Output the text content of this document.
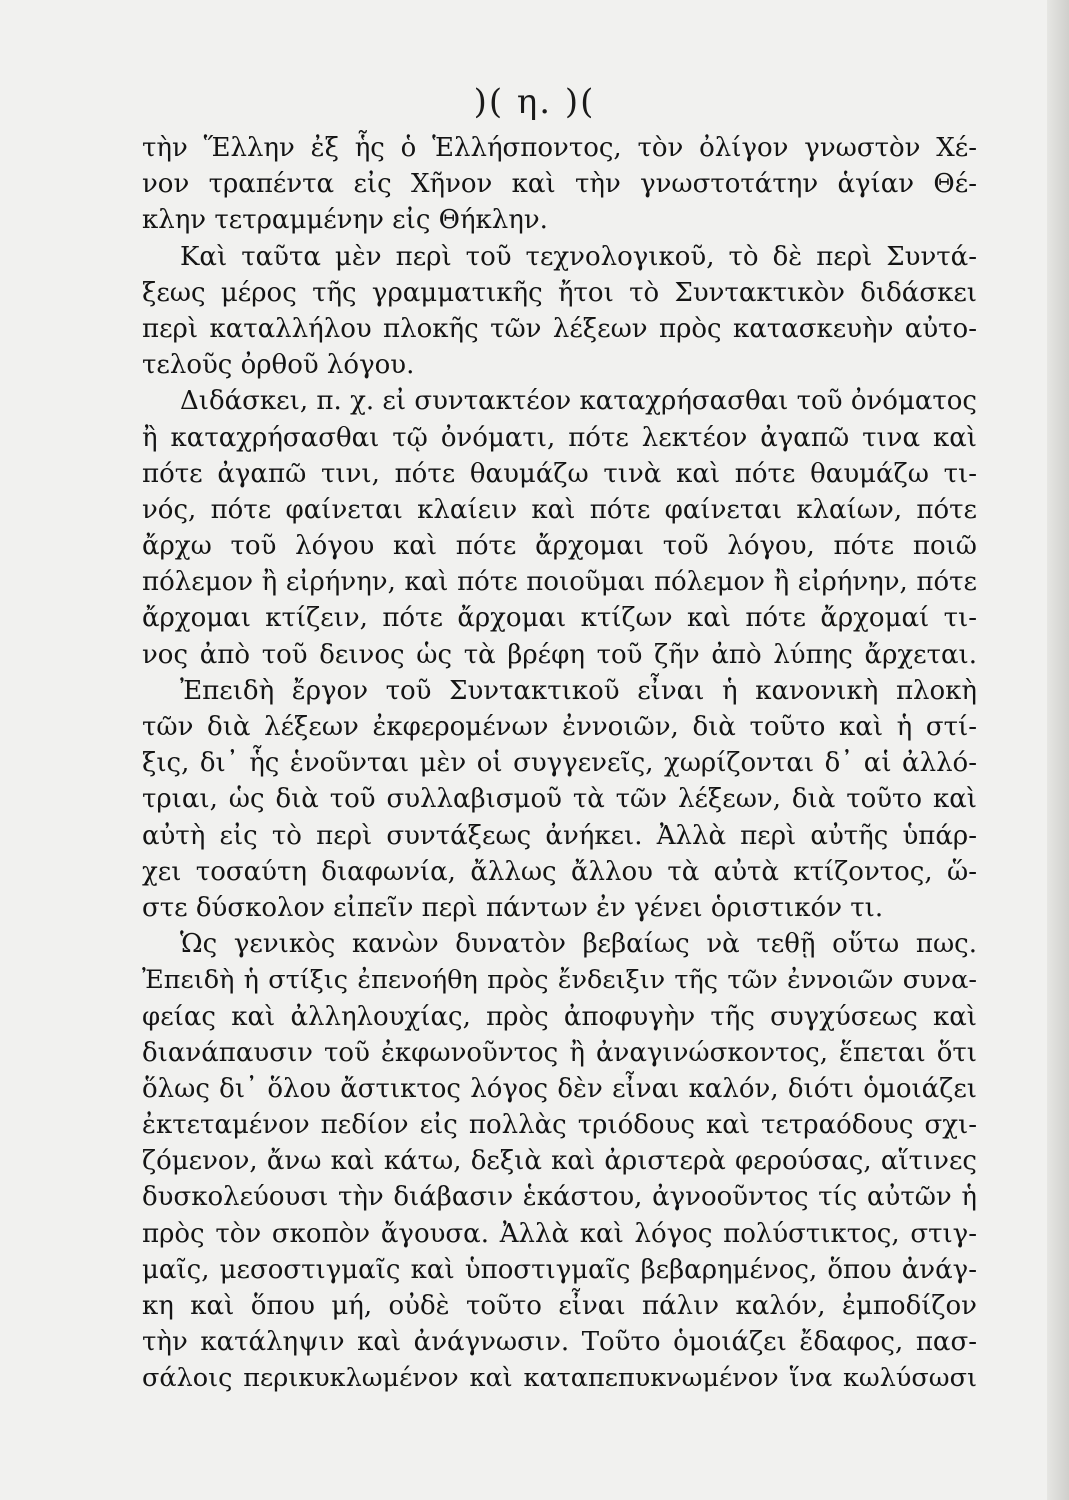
)( η. )(
τὴν Ἕλλην ἐξ ἧς ὁ Ἑλλήσποντος, τὸν ὀλίγον γνωστὸν Χέ-
νον τραπέντα εἰς Χῆνον καὶ τὴν γνωστοτάτην ἁγίαν Θέ-
κλην τετραμμένην εἰς Θήκλην.
Καὶ ταῦτα μὲν περὶ τοῦ τεχνολογικοῦ, τὸ δὲ περὶ Συντά-
ξεως μέρος τῆς γραμματικῆς ἤτοι τὸ Συντακτικὸν διδάσκει
περὶ καταλλήλου πλοκῆς τῶν λέξεων πρὸς κατασκευὴν αὐτο-
τελοῦς ὀρθοῦ λόγου.
Διδάσκει, π. χ. εἰ συντακτέον καταχρήσασθαι τοῦ ὀνόματος
ἢ καταχρήσασθαι τῷ ὀνόματι, πότε λεκτέον ἀγαπῶ τινα καὶ
πότε ἀγαπῶ τινι, πότε θαυμάζω τινὰ καὶ πότε θαυμάζω τι-
νός, πότε φαίνεται κλαίειν καὶ πότε φαίνεται κλαίων, πότε
ἄρχω τοῦ λόγου καὶ πότε ἄρχομαι τοῦ λόγου, πότε ποιῶ
πόλεμον ἢ εἰρήνην, καὶ πότε ποιοῦμαι πόλεμον ἢ εἰρήνην, πότε
ἄρχομαι κτίζειν, πότε ἄρχομαι κτίζων καὶ πότε ἄρχομαί τι-
νος ἀπὸ τοῦ δεινος ὡς τὰ βρέφη τοῦ ζῆν ἀπὸ λύπης ἄρχεται.
Ἐπειδὴ ἔργον τοῦ Συντακτικοῦ εἶναι ἡ κανονικὴ πλοκὴ
τῶν διὰ λέξεων ἐκφερομένων ἐννοιῶν, διὰ τοῦτο καὶ ἡ στί-
ξις, δι᾽ ἧς ἑνοῦνται μὲν οἱ συγγενεῖς, χωρίζονται δ᾽ αἱ ἀλλό-
τριαι, ὡς διὰ τοῦ συλλαβισμοῦ τὰ τῶν λέξεων, διὰ τοῦτο καὶ
αὐτὴ εἰς τὸ περὶ συντάξεως ἀνήκει. Ἀλλὰ περὶ αὐτῆς ὑπάρ-
χει τοσαύτη διαφωνία, ἄλλως ἄλλου τὰ αὐτὰ κτίζοντος, ὥ-
στε δύσκολον εἰπεῖν περὶ πάντων ἐν γένει ὁριστικόν τι.
Ὡς γενικὸς κανὼν δυνατὸν βεβαίως νὰ τεθῇ οὕτω πως.
Ἐπειδὴ ἡ στίξις ἐπενοήθη πρὸς ἔνδειξιν τῆς τῶν ἐννοιῶν συνα-
φείας καὶ ἀλληλουχίας, πρὸς ἀποφυγὴν τῆς συγχύσεως καὶ
διανάπαυσιν τοῦ ἐκφωνοῦντος ἢ ἀναγινώσκοντος, ἕπεται ὅτι
ὅλως δι᾽ ὅλου ἄστικτος λόγος δὲν εἶναι καλόν, διότι ὁμοιάζει
ἐκτεταμένον πεδίον εἰς πολλὰς τριόδους καὶ τετραόδους σχι-
ζόμενον, ἄνω καὶ κάτω, δεξιὰ καὶ ἀριστερὰ φερούσας, αἵτινες
δυσκολεύουσι τὴν διάβασιν ἑκάστου, ἀγνοοῦντος τίς αὐτῶν ἡ
πρὸς τὸν σκοπὸν ἄγουσα. Ἀλλὰ καὶ λόγος πολύστικτος, στιγ-
μαῖς, μεσοστιγμαῖς καὶ ὑποστιγμαῖς βεβαρημένος, ὅπου ἀνάγ-
κη καὶ ὅπου μή, οὐδὲ τοῦτο εἶναι πάλιν καλόν, ἐμποδίζον
τὴν κατάληψιν καὶ ἀνάγνωσιν. Τοῦτο ὁμοιάζει ἔδαφος, πασ-
σάλοις περικυκλωμένον καὶ καταπεπυκνωμένον ἵνα κωλύσωσι
